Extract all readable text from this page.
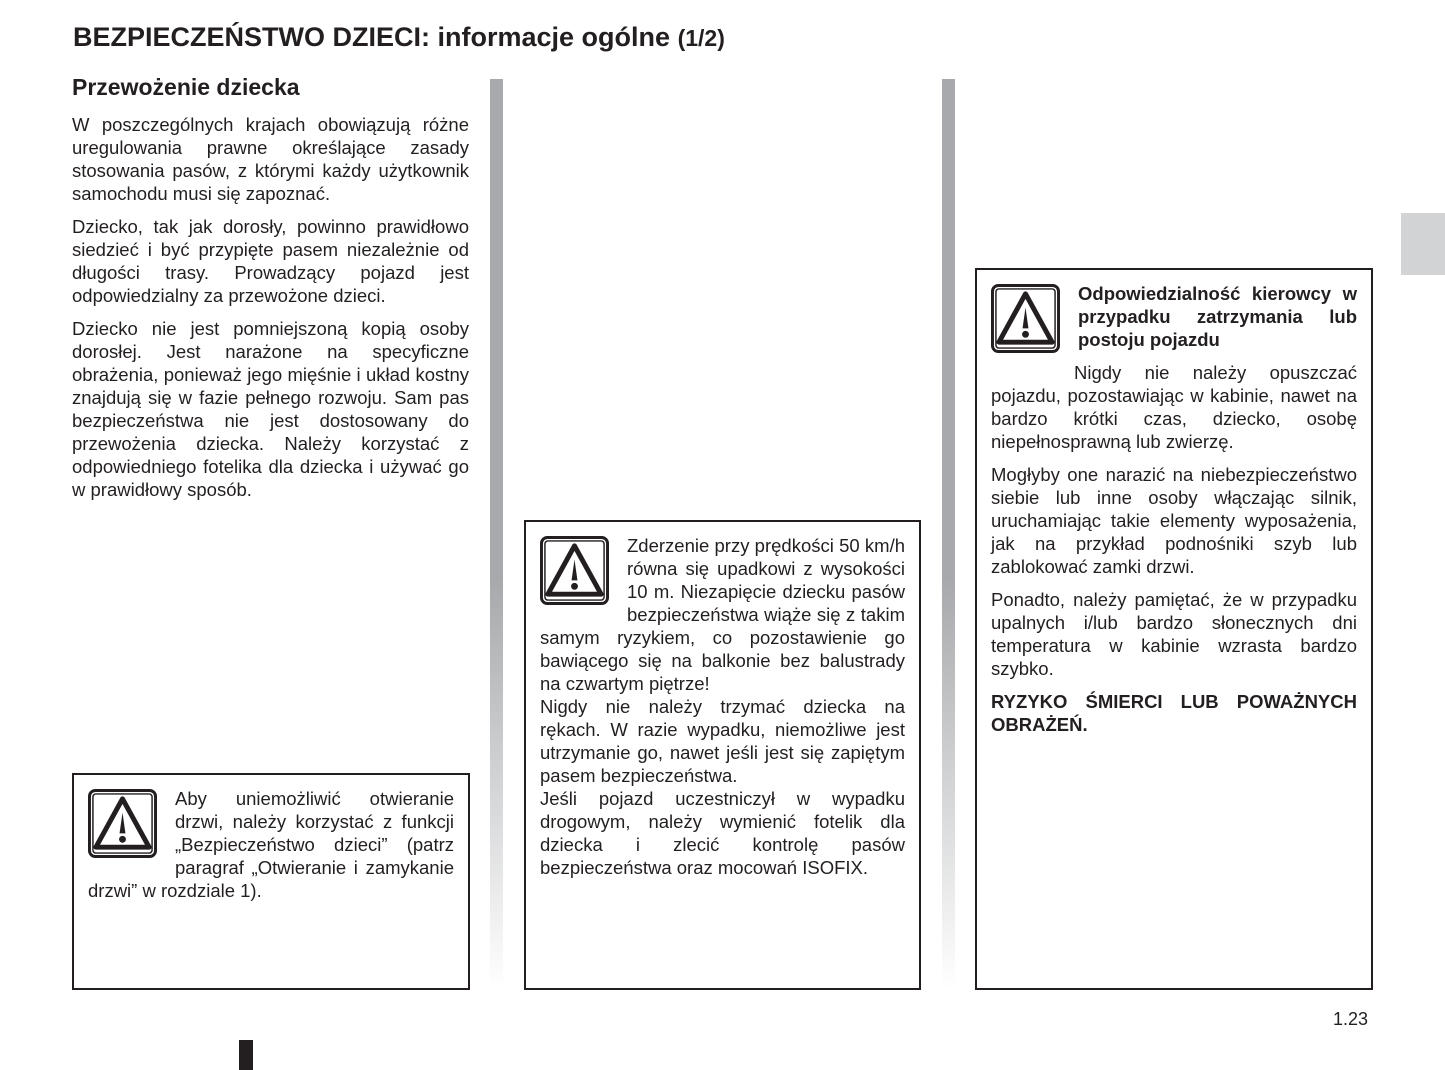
BEZPIECZEŃSTWO DZIECI: informacje ogólne (1/2)
Przewożenie dziecka

W poszczególnych krajach obowiązują różne uregulowania prawne określające zasady stosowania pasów, z którymi każdy użytkownik samochodu musi się zapoznać.

Dziecko, tak jak dorosły, powinno prawidłowo siedzieć i być przypięte pasem niezależnie od długości trasy. Prowadzący pojazd jest odpowiedzialny za przewożone dzieci.

Dziecko nie jest pomniejszoną kopią osoby dorosłej. Jest narażone na specyficzne obrażenia, ponieważ jego mięśnie i układ kostny znajdują się w fazie pełnego rozwoju. Sam pas bezpieczeństwa nie jest dostosowany do przewożenia dziecka. Należy korzystać z odpowiedniego fotelika dla dziecka i używać go w prawidłowy sposób.

Aby uniemożliwić otwieranie drzwi, należy korzystać z funkcji „Bezpieczeństwo dzieci” (patrz paragraf „Otwieranie i zamykanie drzwi” w rozdziale 1).

Zderzenie przy prędkości 50 km/h równa się upadkowi z wysokości 10 m. Niezapięcie dziecku pasów bezpieczeństwa wiąże się z takim samym ryzykiem, co pozostawienie go bawiącego się na balkonie bez balustrady na czwartym piętrze!

Nigdy nie należy trzymać dziecka na rękach. W razie wypadku, niemożliwe jest utrzymanie go, nawet jeśli jest się zapiętym pasem bezpieczeństwa.

Jeśli pojazd uczestniczył w wypadku drogowym, należy wymienić fotelik dla dziecka i zlecić kontrolę pasów bezpieczeństwa oraz mocowań ISOFIX.

Odpowiedzialność kierowcy w przypadku zatrzymania lub postoju pojazdu

Nigdy nie należy opuszczać pojazdu, pozostawiając w kabinie, nawet na bardzo krótki czas, dziecko, osobę niepełnosprawną lub zwierzę.

Mogłyby one narazić na niebezpieczeństwo siebie lub inne osoby włączając silnik, uruchamiając takie elementy wyposażenia, jak na przykład podnośniki szyb lub zablokować zamki drzwi.

Ponadto, należy pamiętać, że w przypadku upalnych i/lub bardzo słonecznych dni temperatura w kabinie wzrasta bardzo szybko.

RYZYKO ŚMIERCI LUB POWAŻNYCH OBRAŻEŃ.

1.23
